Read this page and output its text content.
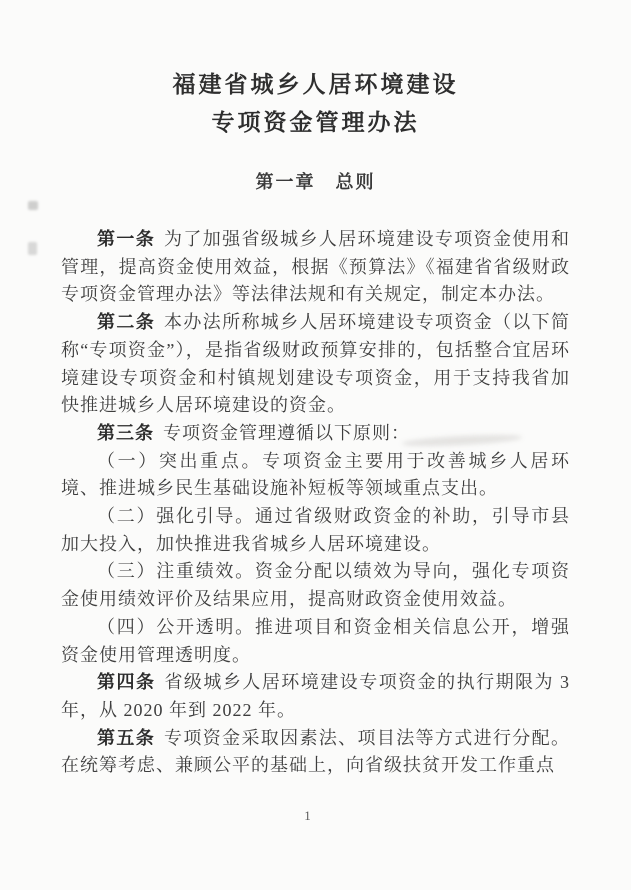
福建省城乡人居环境建设
专项资金管理办法
第一章　总则

第一条 为了加强省级城乡人居环境建设专项资金使用和管理，提高资金使用效益，根据《预算法》《福建省省级财政专项资金管理办法》等法律法规和有关规定，制定本办法。

第二条 本办法所称城乡人居环境建设专项资金（以下简称“专项资金”），是指省级财政预算安排的，包括整合宜居环境建设专项资金和村镇规划建设专项资金，用于支持我省加快推进城乡人居环境建设的资金。

第三条 专项资金管理遵循以下原则：

（一）突出重点。专项资金主要用于改善城乡人居环境、推进城乡民生基础设施补短板等领域重点支出。

（二）强化引导。通过省级财政资金的补助，引导市县加大投入，加快推进我省城乡人居环境建设。

（三）注重绩效。资金分配以绩效为导向，强化专项资金使用绩效评价及结果应用，提高财政资金使用效益。

（四）公开透明。推进项目和资金相关信息公开，增强资金使用管理透明度。

第四条 省级城乡人居环境建设专项资金的执行期限为 3 年，从 2020 年到 2022 年。

第五条 专项资金采取因素法、项目法等方式进行分配。在统筹考虑、兼顾公平的基础上，向省级扶贫开发工作重点

1
